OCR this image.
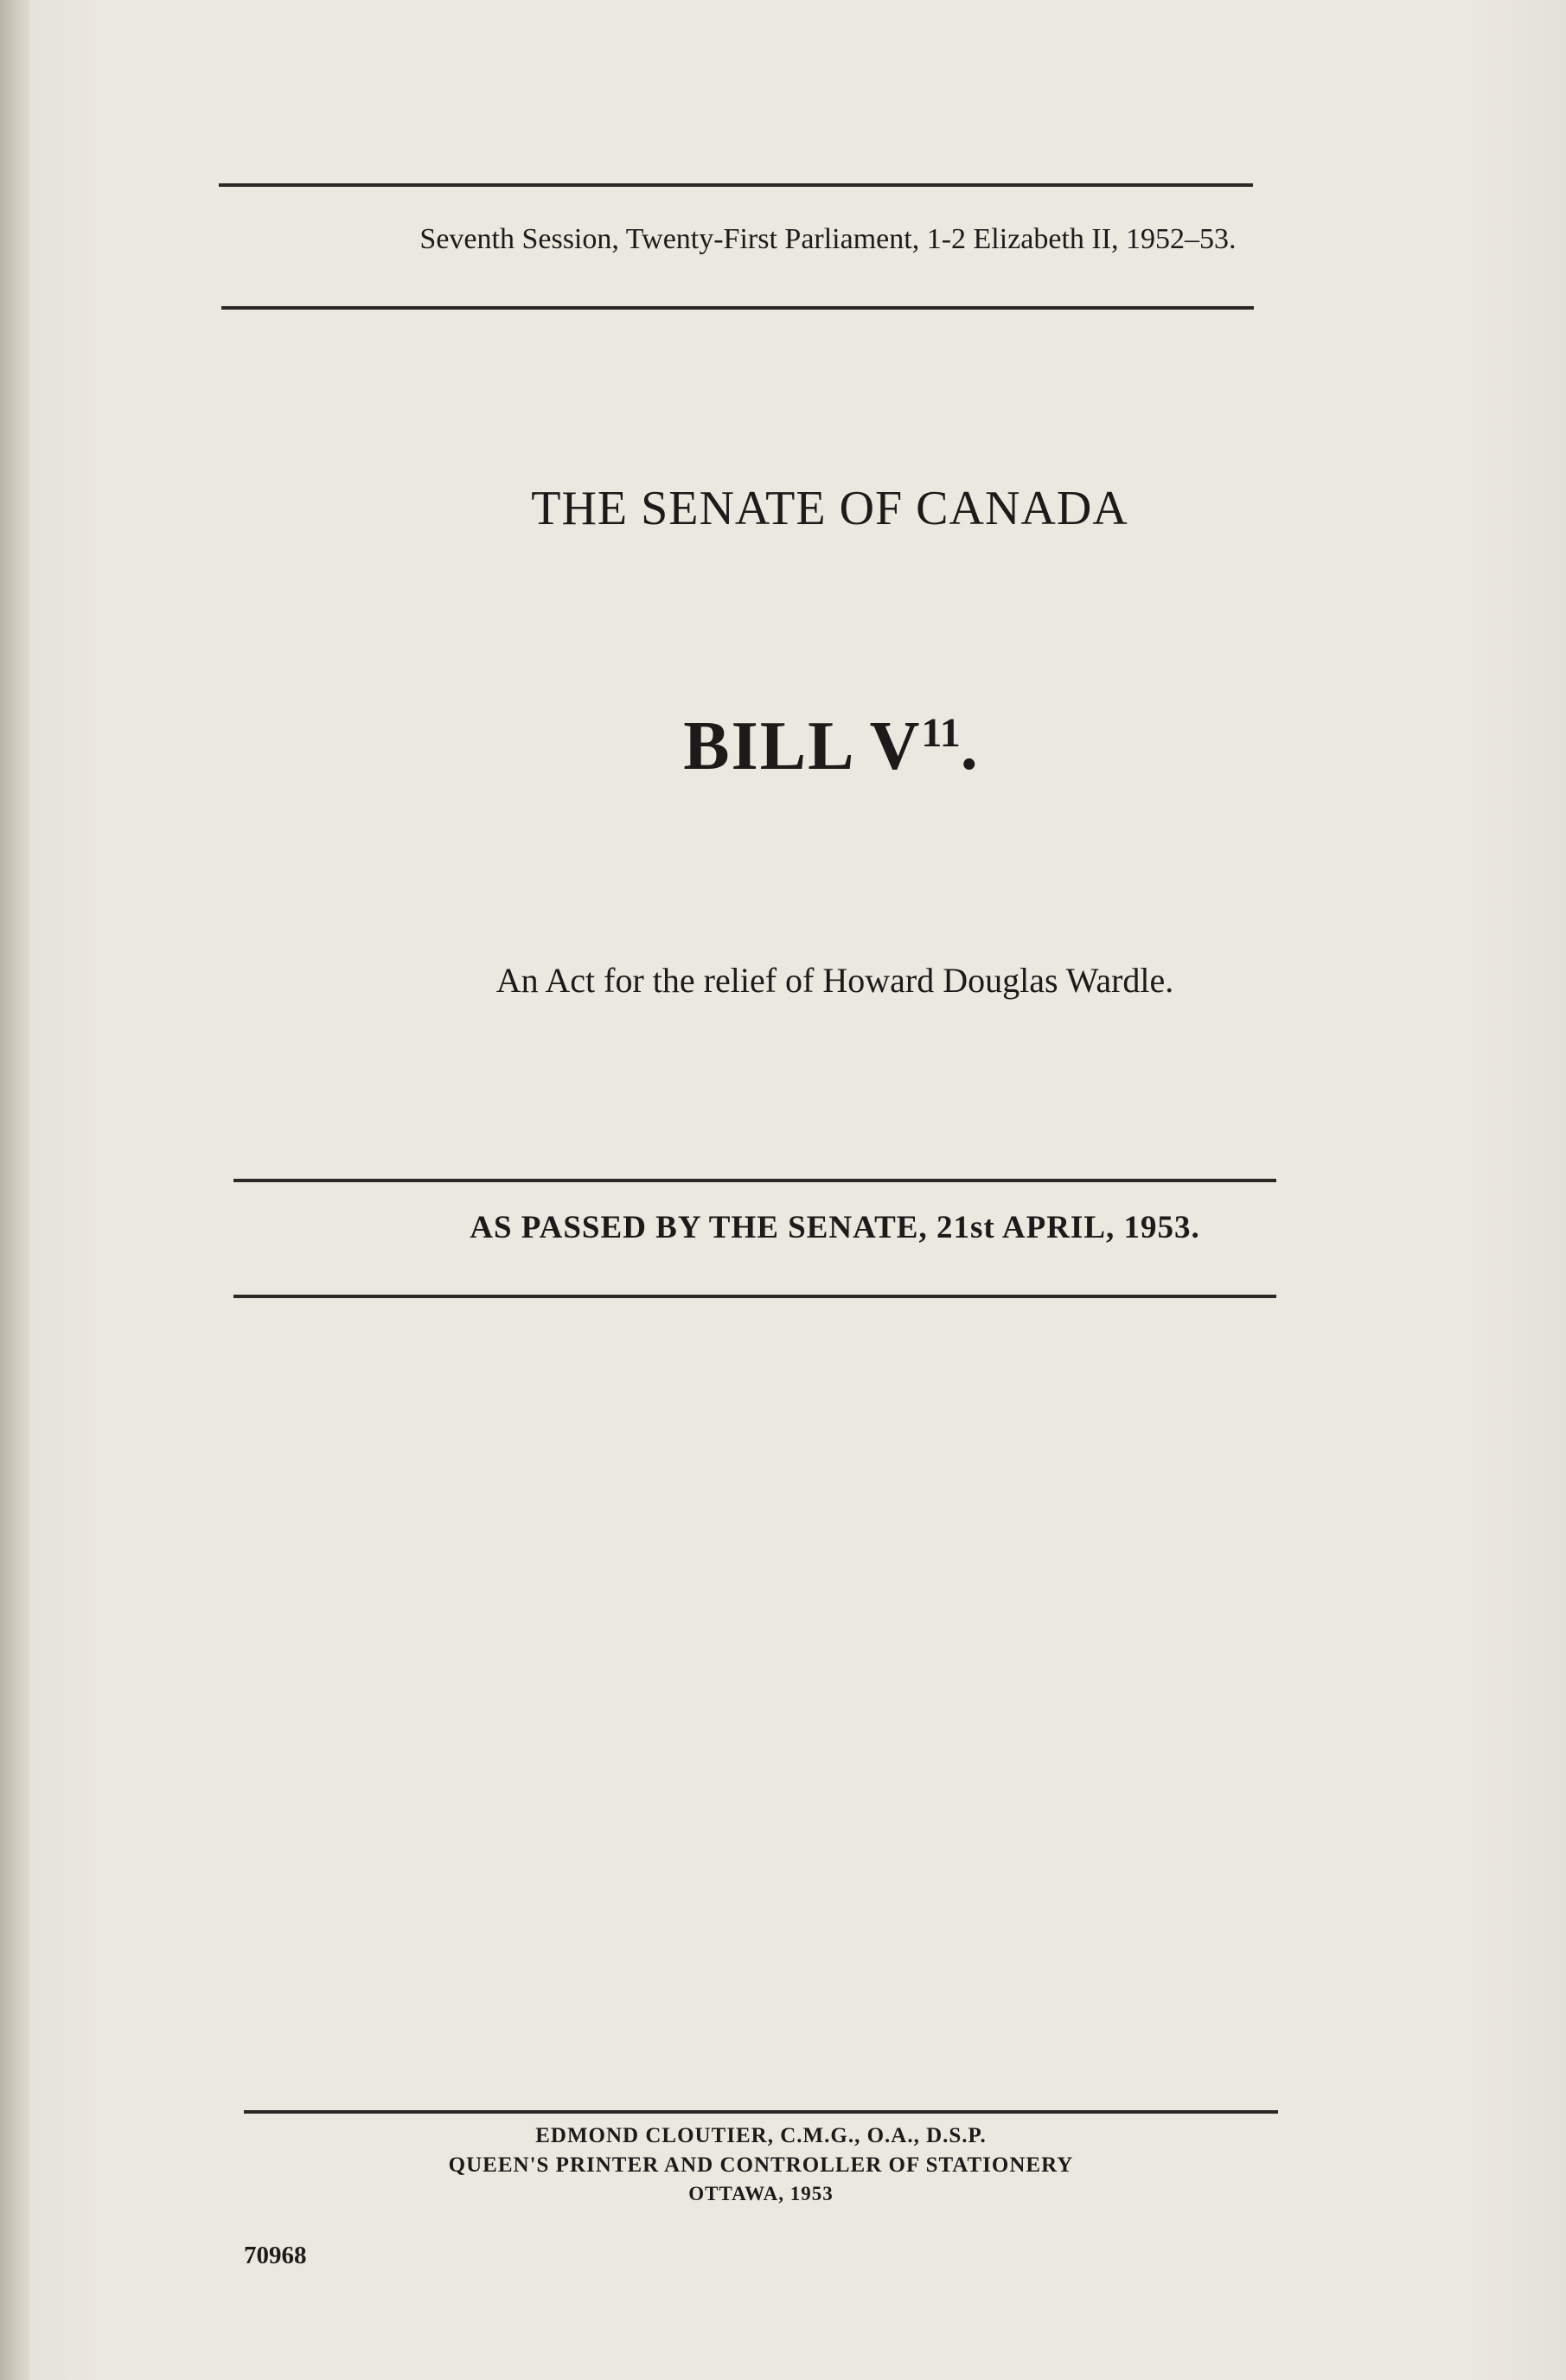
Seventh Session, Twenty-First Parliament, 1-2 Elizabeth II, 1952–53.
THE SENATE OF CANADA
BILL $V^{11}$.
An Act for the relief of Howard Douglas Wardle.
AS PASSED BY THE SENATE, 21st APRIL, 1953.
EDMOND CLOUTIER, C.M.G., O.A., D.S.P.
QUEEN'S PRINTER AND CONTROLLER OF STATIONERY
OTTAWA, 1953
70968
